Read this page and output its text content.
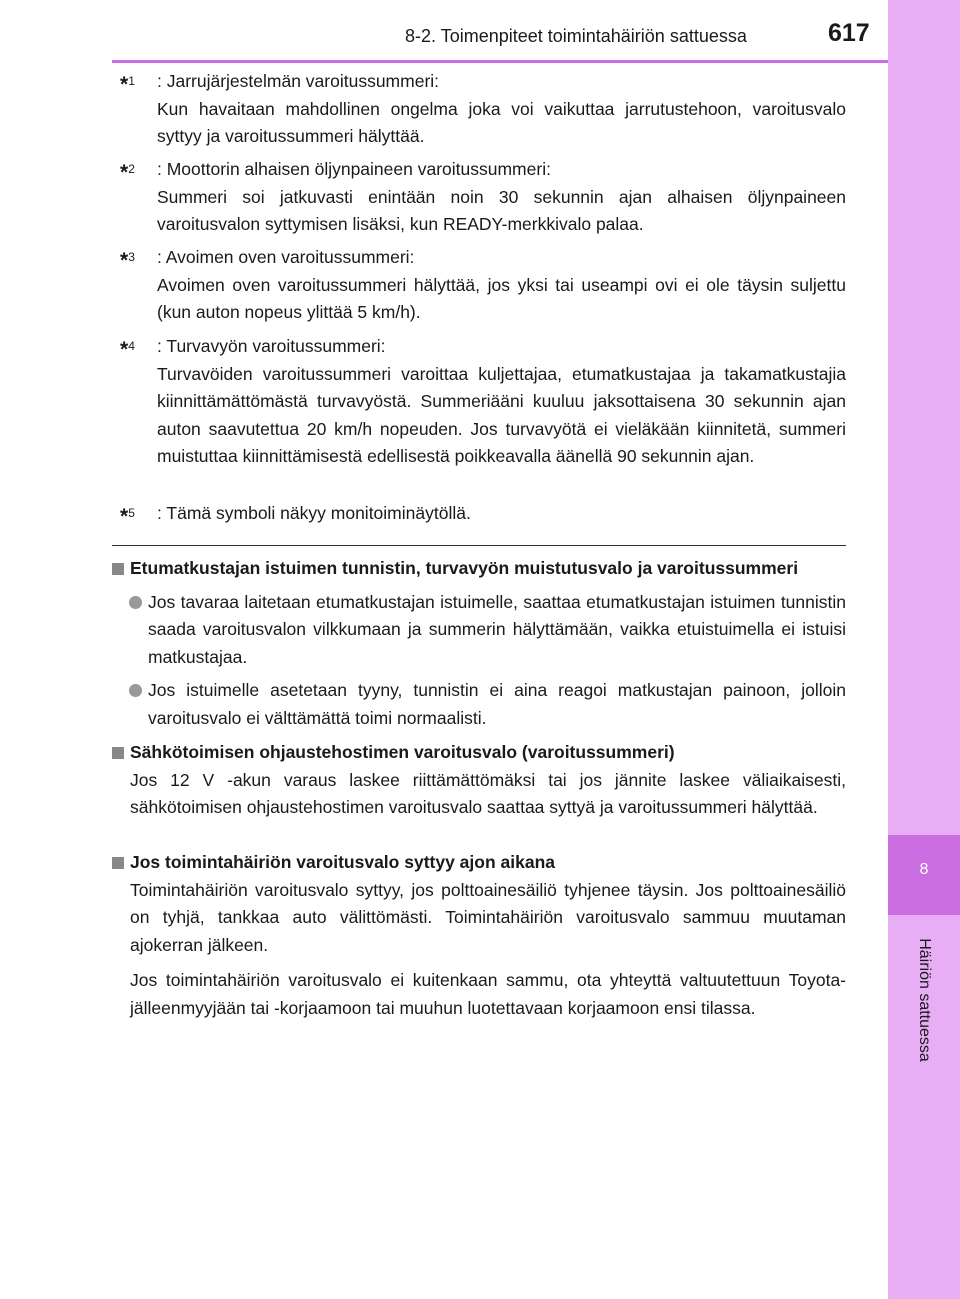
8
Häiriön sattuessa
8-2. Toimenpiteet toimintahäiriön sattuessa	617
*$^1$ : Jarrujärjestelmän varoitussummeri:
Kun havaitaan mahdollinen ongelma joka voi vaikuttaa jarrutustehoon, varoitusvalo syttyy ja varoitussummeri hälyttää.
*$^2$ : Moottorin alhaisen öljynpaineen varoitussummeri:
Summeri soi jatkuvasti enintään noin 30 sekunnin ajan alhaisen öljynpaineen varoitusvalon syttymisen lisäksi, kun READY-merkkivalo palaa.
*$^3$ : Avoimen oven varoitussummeri:
Avoimen oven varoitussummeri hälyttää, jos yksi tai useampi ovi ei ole täysin suljettu (kun auton nopeus ylittää 5 km/h).
*$^4$ : Turvavyön varoitussummeri:
Turvavöiden varoitussummeri varoittaa kuljettajaa, etumatkustajaa ja takamatkustajia kiinnittämättömästä turvavyöstä. Summeriääni kuuluu jaksottaisena 30 sekunnin ajan auton saavutettua 20 km/h nopeuden. Jos turvavyötä ei vieläkään kiinnitetä, summeri muistuttaa kiinnittämisestä edellisestä poikkeavalla äänellä 90 sekunnin ajan.
*$^5$ : Tämä symboli näkyy monitoiminäytöllä.
Etumatkustajan istuimen tunnistin, turvavyön muistutusvalo ja varoitussummeri
Jos tavaraa laitetaan etumatkustajan istuimelle, saattaa etumatkustajan istuimen tunnistin saada varoitusvalon vilkkumaan ja summerin hälyttämään, vaikka etuistuimella ei istuisi matkustajaa.
Jos istuimelle asetetaan tyyny, tunnistin ei aina reagoi matkustajan painoon, jolloin varoitusvalo ei välttämättä toimi normaalisti.
Sähkötoimisen ohjaustehostimen varoitusvalo (varoitussummeri)
Jos 12 V -akun varaus laskee riittämättömäksi tai jos jännite laskee väliaikaisesti, sähkötoimisen ohjaustehostimen varoitusvalo saattaa syttyä ja varoitussummeri hälyttää.
Jos toimintahäiriön varoitusvalo syttyy ajon aikana
Toimintahäiriön varoitusvalo syttyy, jos polttoainesäiliö tyhjenee täysin. Jos polttoainesäiliö on tyhjä, tankkaa auto välittömästi. Toimintahäiriön varoitusvalo sammuu muutaman ajokerran jälkeen.
Jos toimintahäiriön varoitusvalo ei kuitenkaan sammu, ota yhteyttä valtuutettuun Toyota-jälleenmyyjään tai -korjaamoon tai muuhun luotettavaan korjaamoon ensi tilassa.
